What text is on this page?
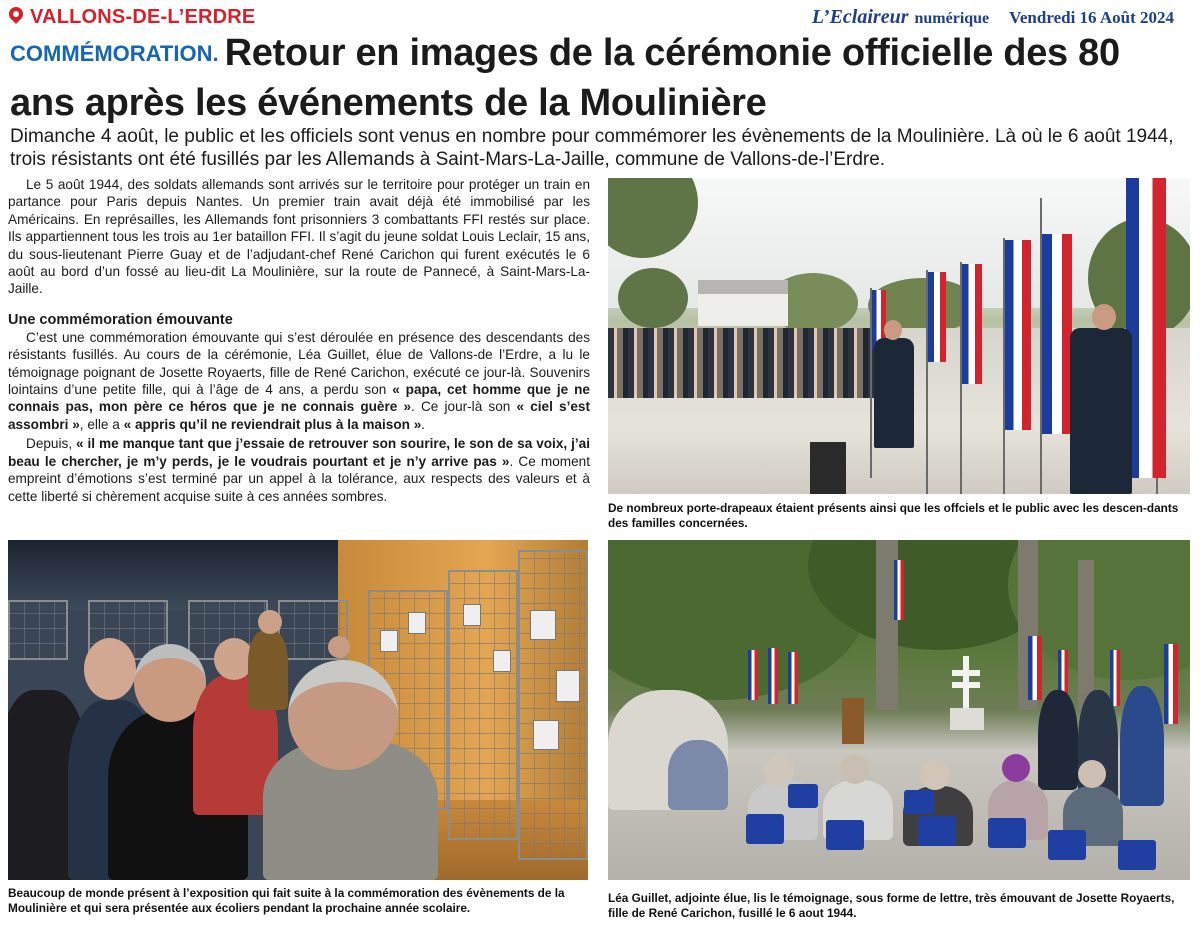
VALLONS-DE-L’ERDRE	L’Eclaireur numérique Vendredi 16 Août 2024
COMMÉMORATION. Retour en images de la cérémonie officielle des 80 ans après les événements de la Moulinière
Dimanche 4 août, le public et les officiels sont venus en nombre pour commémorer les évènements de la Moulinière. Là où le 6 août 1944, trois résistants ont été fusillés par les Allemands à Saint-Mars-La-Jaille, commune de Vallons-de-l’Erdre.

Le 5 août 1944, des soldats allemands sont arrivés sur le territoire pour protéger un train en partance pour Paris depuis Nantes. Un premier train avait déjà été immobilisé par les Américains. En représailles, les Allemands font prisonniers 3 combattants FFI restés sur place. Ils appartiennent tous les trois au 1er bataillon FFI. Il s’agit du jeune soldat Louis Leclair, 15 ans, du sous-lieutenant Pierre Guay et de l’adjudant-chef René Carichon qui furent exécutés le 6 août au bord d’un fossé au lieu-dit La Moulinière, sur la route de Pannecé, à Saint-Mars-La-Jaille.

Une commémoration émouvante

C’est une commémoration émouvante qui s’est déroulée en présence des descendants des résistants fusillés. Au cours de la cérémonie, Léa Guillet, élue de Vallons-de l’Erdre, a lu le témoignage poignant de Josette Royaerts, fille de René Carichon, exécuté ce jour-là. Souvenirs lointains d’une petite fille, qui à l’âge de 4 ans, a perdu son « papa, cet homme que je ne connais pas, mon père ce héros que je ne connais guère ». Ce jour-là son « ciel s’est assombri », elle a « appris qu’il ne reviendrait plus à la maison ».

Depuis, « il me manque tant que j’essaie de retrouver son sourire, le son de sa voix, j’ai beau le chercher, je m’y perds, je le voudrais pourtant et je n’y arrive pas ». Ce moment empreint d’émotions s’est terminé par un appel à la tolérance, aux respects des valeurs et à cette liberté si chèrement acquise suite à ces années sombres.

De nombreux porte-drapeaux étaient présents ainsi que les offciels et le public avec les descen-dants des familles concernées.
Beaucoup de monde présent à l’exposition qui fait suite à la commémoration des évènements de la Moulinière et qui sera présentée aux écoliers pendant la prochaine année scolaire.
Léa Guillet, adjointe élue, lis le témoignage, sous forme de lettre, très émouvant de Josette Royaerts, fille de René Carichon, fusillé le 6 aout 1944.
